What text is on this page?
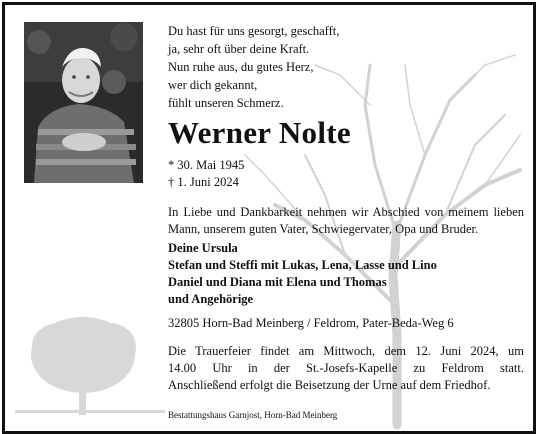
Du hast für uns gesorgt, geschafft,
ja, sehr oft über deine Kraft.
Nun ruhe aus, du gutes Herz,
wer dich gekannt,
fühlt unseren Schmerz.
Werner Nolte
* 30. Mai 1945
† 1. Juni 2024
In Liebe und Dankbarkeit nehmen wir Abschied von meinem lieben Mann, unserem guten Vater, Schwiegervater, Opa und Bruder.
Deine Ursula
Stefan und Steffi mit Lukas, Lena, Lasse und Lino
Daniel und Diana mit Elena und Thomas
und Angehörige
32805 Horn-Bad Meinberg / Feldrom, Pater-Beda-Weg 6
Die Trauerfeier findet am Mittwoch, dem 12. Juni 2024, um
14.00 Uhr in der St.-Josefs-Kapelle zu Feldrom statt.
Anschließend erfolgt die Beisetzung der Urne auf dem Friedhof.
Bestattungshaus Garnjost, Horn-Bad Meinberg
